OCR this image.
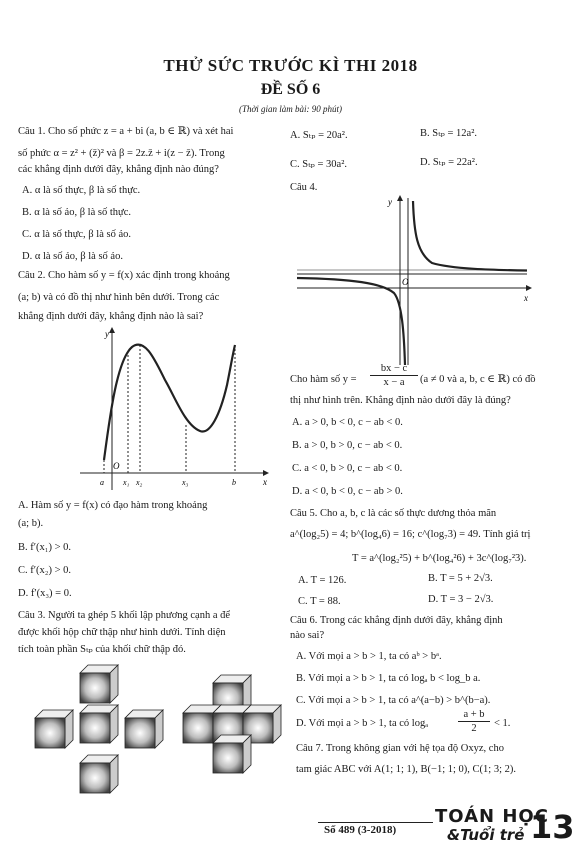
THỬ SỨC TRƯỚC KÌ THI 2018
ĐỀ SỐ 6
(Thời gian làm bài: 90 phút)
Câu 1. Cho số phức z = a + bi (a, b ∈ ℝ) và xét hai
số phức α = z² + (z̄)² và β = 2z.z̄ + i(z − z̄). Trong
các khẳng định dưới đây, khẳng định nào đúng?
A. α là số thực, β là số thực.
B. α là số ảo, β là số thực.
C. α là số thực, β là số ảo.
D. α là số ảo, β là số ảo.
Câu 2. Cho hàm số y = f(x) xác định trong khoảng
(a; b) và có đồ thị như hình bên dưới. Trong các
khẳng định dưới đây, khẳng định nào là sai?
y
x
O
a x₁ x₂	x₃	b
A. Hàm số y = f(x) có đạo hàm trong khoảng
(a; b).
B. f′(x₁) > 0.
C. f′(x₂) > 0.
D. f′(x₃) = 0.
Câu 3. Người ta ghép 5 khối lập phương cạnh a để
được khối hộp chữ thập như hình dưới. Tính diện
tích toàn phần Sₜₚ của khối chữ thập đó.
A. Sₜₚ = 20a².	B. Sₜₚ = 12a².
C. Sₜₚ = 30a².	D. Sₜₚ = 22a².
Câu 4.
y
x
O
Cho hàm số $y = \frac{bx - c}{x - a} (a \ne 0$ và a, b, c ∈ ℝ) có đồ
thị như hình trên. Khẳng định nào dưới đây là đúng?
A. a > 0, b < 0, c − ab < 0.
B. a > 0, b > 0, c − ab < 0.
C. a < 0, b > 0, c − ab < 0.
D. a < 0, b < 0, c − ab > 0.
Câu 5. Cho a, b, c là các số thực dương thỏa mãn
a^(log₂5) = 4; b^(log₄6) = 16; c^(log₇3) = 49. Tính giá trị
T = a^(log₂²5) + b^(log₄²6) + 3c^(log₇²3).
A. T = 126.	B. T = 5 + 2√3.
C. T = 88.	D. T = 3 − 2√3.
Câu 6. Trong các khẳng định dưới đây, khẳng định
nào sai?
A. Với mọi a > b > 1, ta có aᵇ > bᵃ.
B. Với mọi a > b > 1, ta có logₐ b < log_b a.
C. Với mọi a > b > 1, ta có a^(a−b) > b^(b−a).
D. Với mọi a > b > 1, ta có logₐ	$\frac{a + b}{2} < 1$.
Câu 7. Trong không gian với hệ tọa độ Oxyz, cho
tam giác ABC với A(1; 1; 1), B(−1; 1; 0), C(1; 3; 2).
Số 489 (3-2018)
TOÁN HỌC
&Tuổi trẻ 13
